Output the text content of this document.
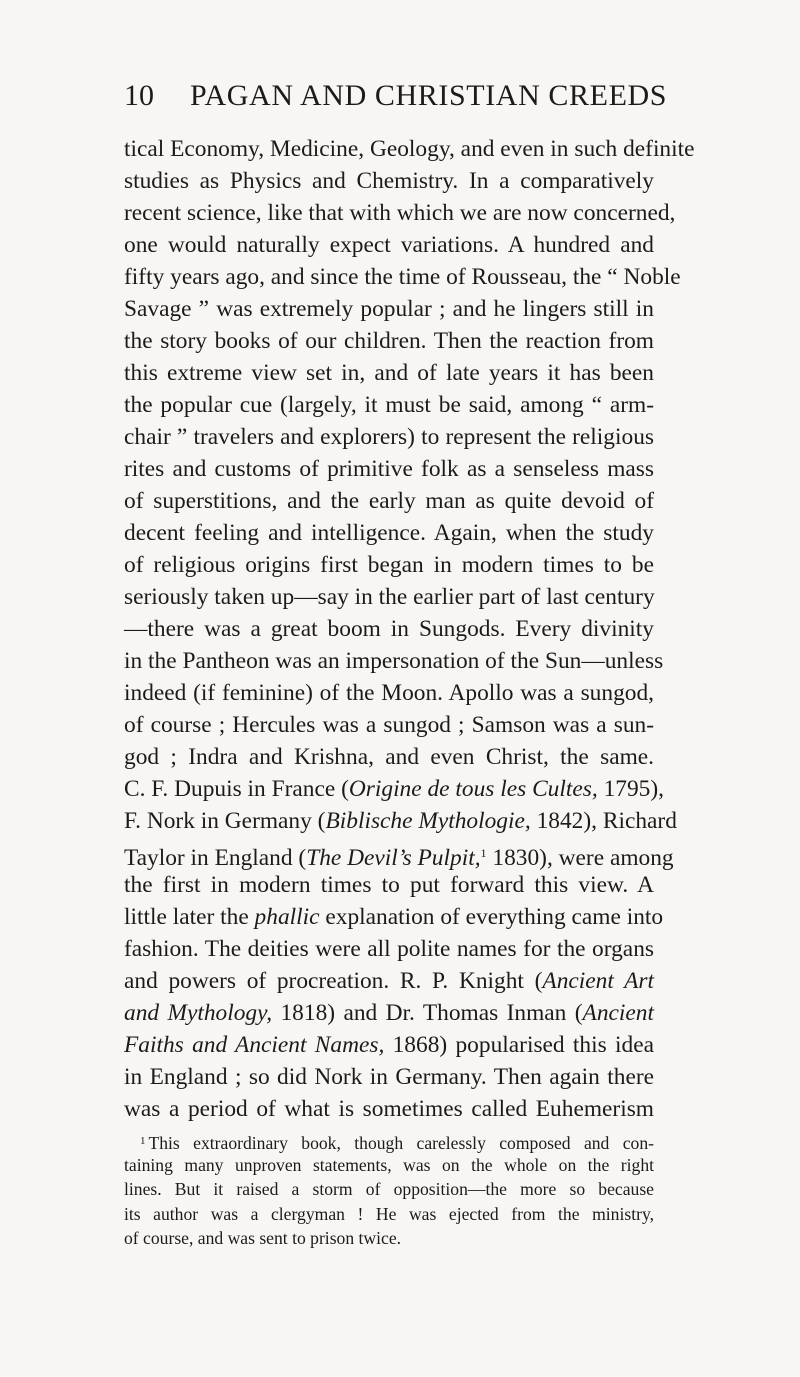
10 PAGAN AND CHRISTIAN CREEDS
tical Economy, Medicine, Geology, and even in such definite
studies as Physics and Chemistry. In a comparatively
recent science, like that with which we are now concerned,
one would naturally expect variations. A hundred and
fifty years ago, and since the time of Rousseau, the “ Noble
Savage ” was extremely popular ; and he lingers still in
the story books of our children. Then the reaction from
this extreme view set in, and of late years it has been
the popular cue (largely, it must be said, among “ arm-
chair ” travelers and explorers) to represent the religious
rites and customs of primitive folk as a senseless mass
of superstitions, and the early man as quite devoid of
decent feeling and intelligence. Again, when the study
of religious origins first began in modern times to be
seriously taken up—say in the earlier part of last century
—there was a great boom in Sungods. Every divinity
in the Pantheon was an impersonation of the Sun—unless
indeed (if feminine) of the Moon. Apollo was a sungod,
of course ; Hercules was a sungod ; Samson was a sun-
god ; Indra and Krishna, and even Christ, the same.
C. F. Dupuis in France (Origine de tous les Cultes, 1795),
F. Nork in Germany (Biblische Mythologie, 1842), Richard
Taylor in England (The Devil’s Pulpit,$^1$ 1830), were among
the first in modern times to put forward this view. A
little later the phallic explanation of everything came into
fashion. The deities were all polite names for the organs
and powers of procreation. R. P. Knight (Ancient Art
and Mythology, 1818) and Dr. Thomas Inman (Ancient
Faiths and Ancient Names, 1868) popularised this idea
in England ; so did Nork in Germany. Then again there
was a period of what is sometimes called Euhemerism
$^1$ This extraordinary book, though carelessly composed and con-
taining many unproven statements, was on the whole on the right
lines. But it raised a storm of opposition—the more so because
its author was a clergyman ! He was ejected from the ministry,
of course, and was sent to prison twice.
